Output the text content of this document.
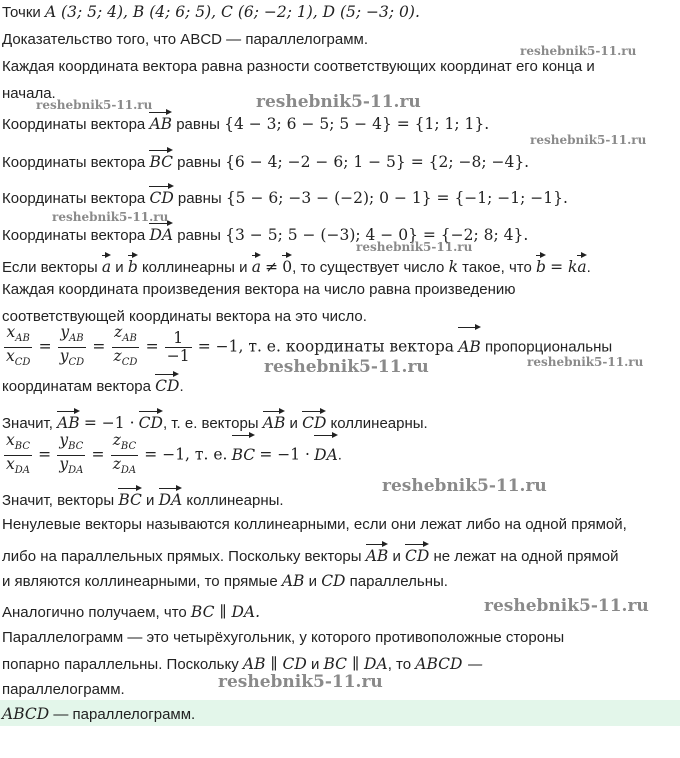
Точки A (3; 5; 4), B (4; 6; 5), C (6; −2; 1), D (5; −3; 0).
Доказательство того, что ABCD — параллелограмм.
Каждая координата вектора равна разности соответствующих координат его конца и
начала.
Координаты вектора AB равны {4 − 3; 6 − 5; 5 − 4} = {1; 1; 1}.
Координаты вектора BC равны {6 − 4; −2 − 6; 1 − 5} = {2; −8; −4}.
Координаты вектора CD равны {5 − 6; −3 − (−2); 0 − 1} = {−1; −1; −1}.
Координаты вектора DA равны {3 − 5; 5 − (−3); 4 − 0} = {−2; 8; 4}.
Если векторы a и b коллинеарны и a ≠ 0, то существует число k такое, что b = ka.
Каждая координата произведения вектора на число равна произведению
соответствующей координаты вектора на это число.
$\frac{x_{AB}}{x_{CD}} = \frac{y_{AB}}{y_{CD}} = \frac{z_{AB}}{z_{CD}} = \frac{1}{-1} = -1$, т. е. координаты вектора AB пропорциональны
координатам вектора CD.
Значит, AB = −1 · CD, т. е. векторы AB и CD коллинеарны.
$\frac{x_{BC}}{x_{DA}} = \frac{y_{BC}}{y_{DA}} = \frac{z_{BC}}{z_{DA}} = -1$, т. е. BC = −1 · DA.
Значит, векторы BC и DA коллинеарны.
Ненулевые векторы называются коллинеарными, если они лежат либо на одной прямой,
либо на параллельных прямых. Поскольку векторы AB и CD не лежат на одной прямой
и являются коллинеарными, то прямые AB и CD параллельны.
Аналогично получаем, что BC ∥ DA.
Параллелограмм — это четырёхугольник, у которого противоположные стороны
попарно параллельны. Поскольку AB ∥ CD и BC ∥ DA, то ABCD —
параллелограмм.
ABCD — параллелограмм.
reshebnik5-11.ru
reshebnik5-11.ru	reshebnik5-11.ru
reshebnik5-11.ru
reshebnik5-11.ru
reshebnik5-11.ru
reshebnik5-11.ru	reshebnik5-11.ru
reshebnik5-11.ru
reshebnik5-11.ru
reshebnik5-11.ru
